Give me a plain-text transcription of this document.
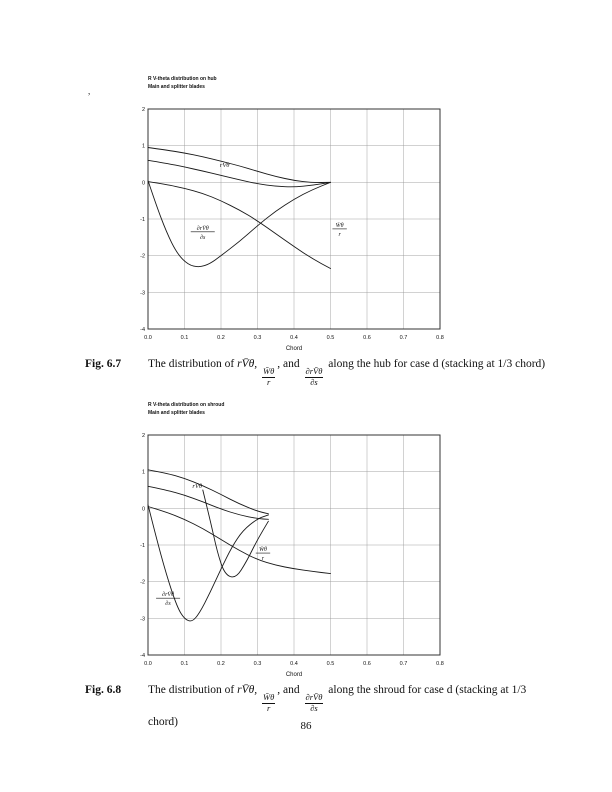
,
R V-theta distribution on hub
Main and splitter blades
0.0	0.1	0.2	0.3	0.4	0.5	0.6	0.7	0.8
2
1
0
-1
-2
-3
-4
Chord
rV̄θ
∂rV̄θ
∂s
W̄θ
r
Fig. 6.7	The distribution of rV̄θ,
$\frac{W̄\theta}{r}$
, and
$\frac{\partial rV̄\theta}{\partial s}$
along the hub for case d (stacking at 1/3 chord)
R V-theta distribution on shroud
Main and splitter blades
0.0	0.1	0.2	0.3	0.4	0.5	0.6	0.7	0.8
2
1
0
-1
-2
-3
-4
Chord
rV̄θ
∂rV̄θ
∂s
W̄θ
r
Fig. 6.8	The distribution of rV̄θ,
$\frac{W̄\theta}{r}$
, and
$\frac{\partial rV̄\theta}{\partial s}$
along the shroud for case d (stacking at 1/3 chord)	86
